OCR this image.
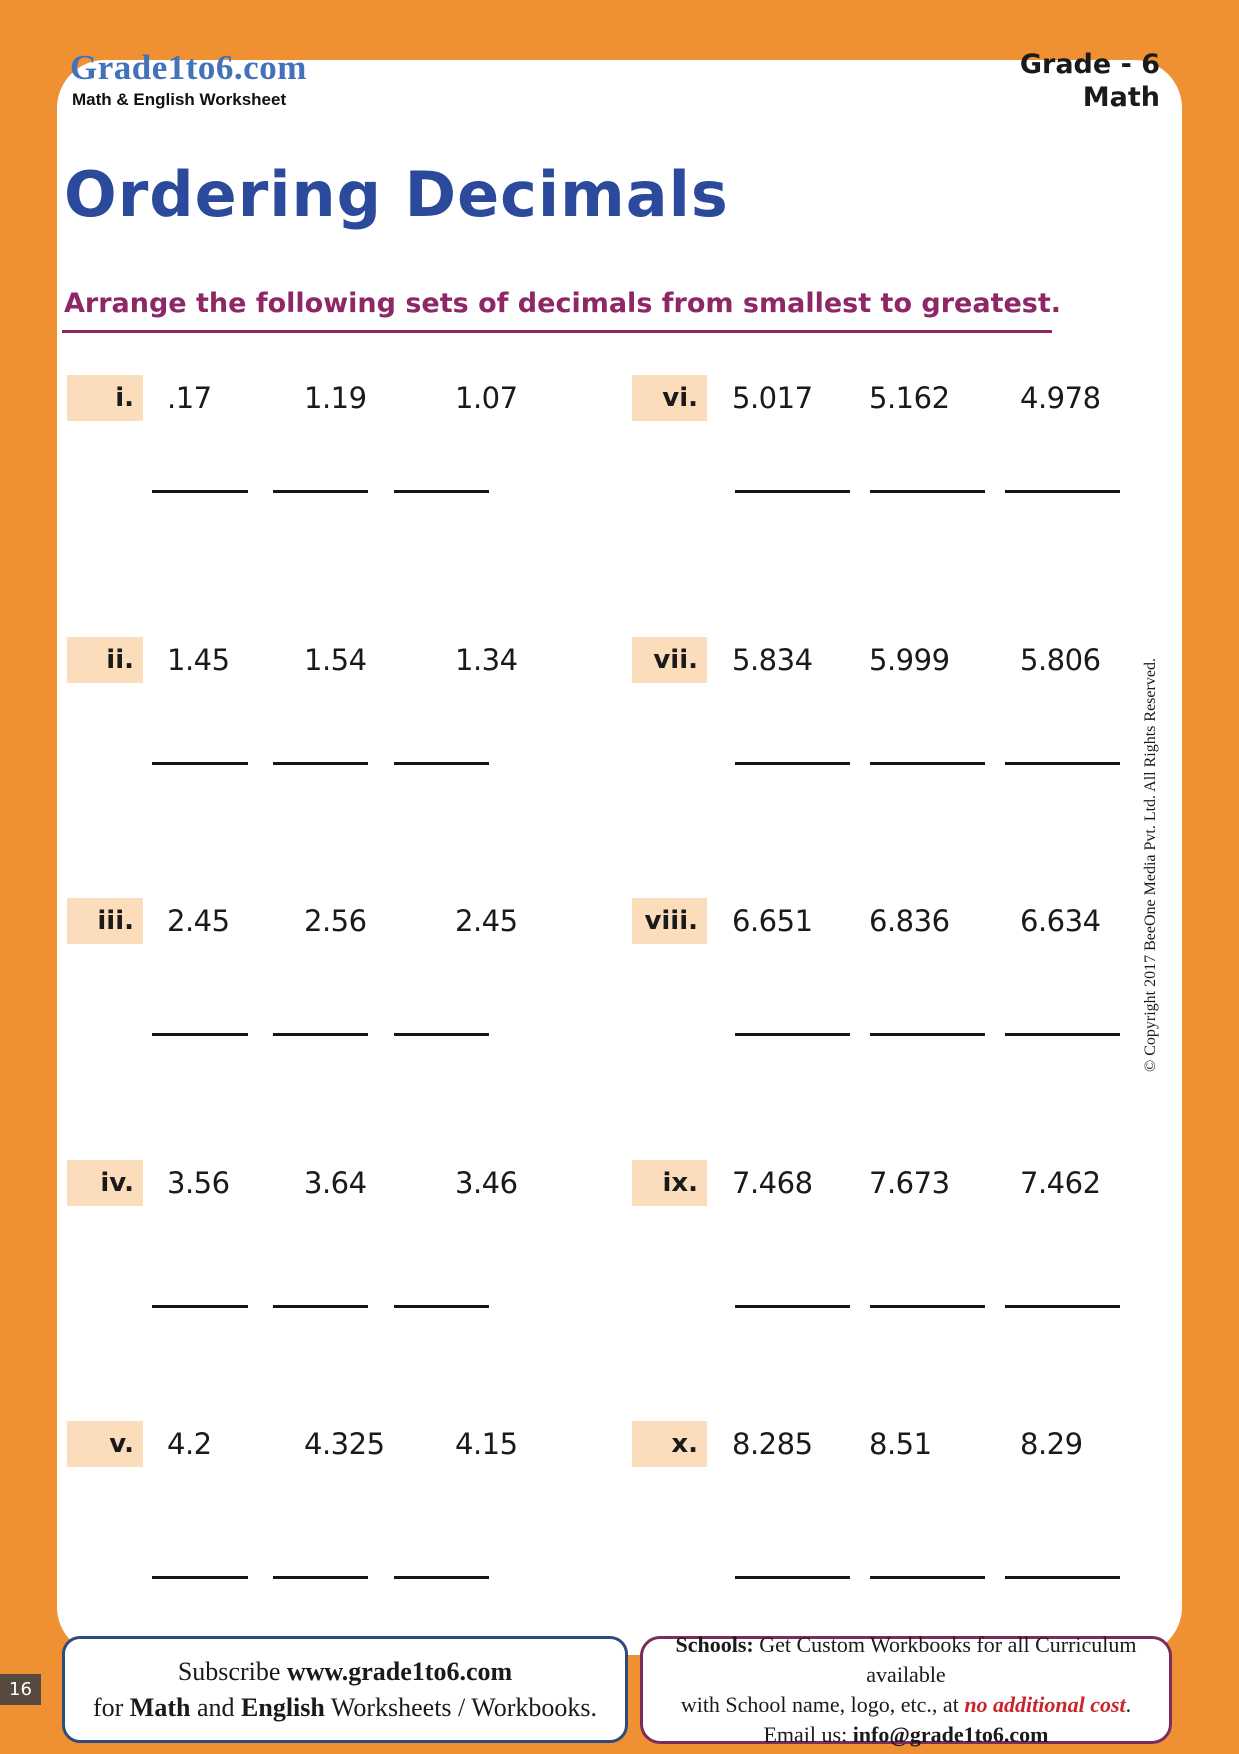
Grade1to6.com
Math & English Worksheet
Grade - 6
Math
Ordering Decimals
Arrange the following sets of decimals from smallest to greatest.
i.	.17	1.19	1.07
ii.	1.45	1.54	1.34
iii.	2.45	2.56	2.45
iv.	3.56	3.64	3.46
v.	4.2	4.325 4.15
vi.	5.017 5.162 4.978
vii.	5.834 5.999 5.806
viii.	6.651 6.836 6.634
ix.	7.468 7.673 7.462
x.	8.285 8.51	8.29
© Copyright 2017 BeeOne Media Pvt. Ltd. All Rights Reserved.
Subscribe www.grade1to6.com
for Math and English Worksheets / Workbooks.
Schools: Get Custom Workbooks for all Curriculum available
with School name, logo, etc., at no additional cost.
Email us: info@grade1to6.com
16
